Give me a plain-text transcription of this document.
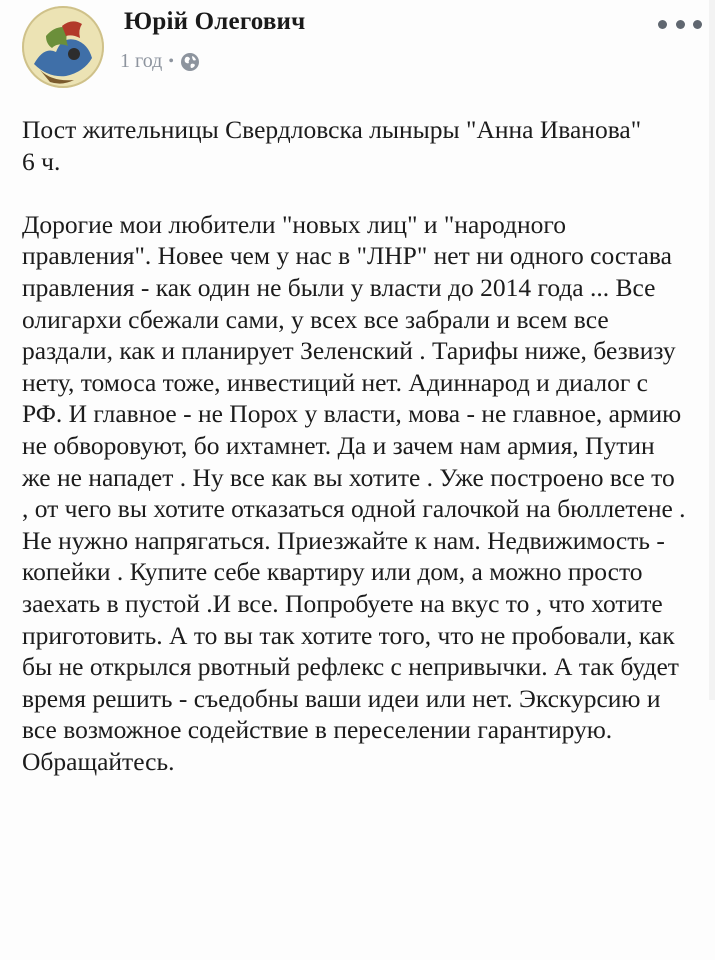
Юрій Олегович
1 год •

Пост жительницы Свердловска лыныры "Анна Иванова"

6 ч.

Дорогие мои любители "новых лиц" и "народного правления". Новее чем у нас в "ЛНР" нет ни одного состава правления - как один не были у власти до 2014 года ... Все олигархи сбежали сами, у всех все забрали и всем все раздали, как и планирует Зеленский . Тарифы ниже, безвизу нету, томоса тоже, инвестиций нет. Адиннарод и диалог с РФ. И главное - не Порох у власти, мова - не главное, армию не обворовуют, бо ихтамнет. Да и зачем нам армия, Путин же не нападет . Ну все как вы хотите . Уже построено все то , от чего вы хотите отказаться одной галочкой на бюллетене . Не нужно напрягаться. Приезжайте к нам. Недвижимость - копейки . Купите себе квартиру или дом, а можно просто заехать в пустой .И все. Попробуете на вкус то , что хотите приготовить. А то вы так хотите того, что не пробовали, как бы не открылся рвотный рефлекс с непривычки. А так будет время решить - съедобны ваши идеи или нет. Экскурсию и все возможное содействие в переселении гарантирую. Обращайтесь.
